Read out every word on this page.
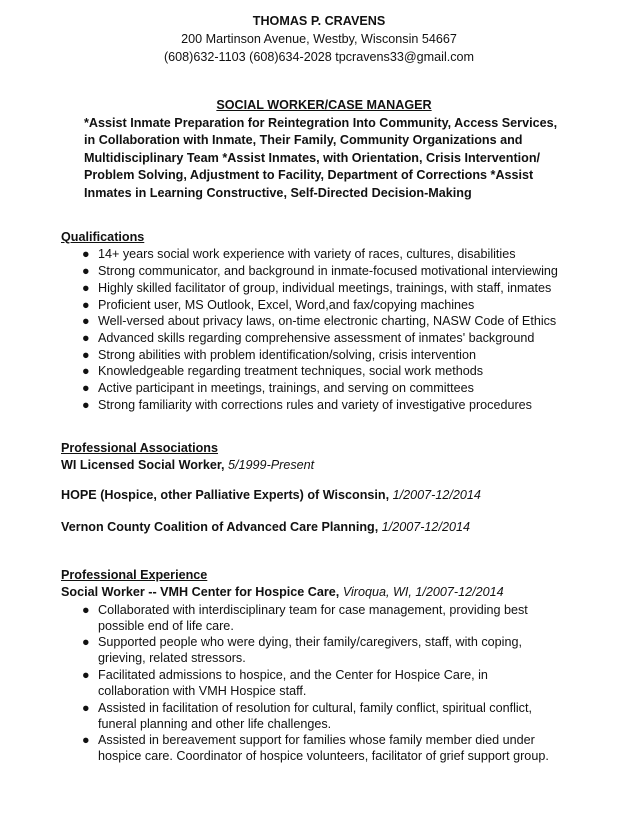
THOMAS P. CRAVENS
200 Martinson Avenue, Westby, Wisconsin 54667
(608)632-1103 (608)634-2028 tpcravens33@gmail.com
SOCIAL WORKER/CASE MANAGER
*Assist Inmate Preparation for Reintegration Into Community, Access Services, in Collaboration with Inmate, Their Family, Community Organizations and Multidisciplinary Team *Assist Inmates, with Orientation, Crisis Intervention/ Problem Solving, Adjustment to Facility, Department of Corrections *Assist Inmates in Learning Constructive, Self-Directed Decision-Making
Qualifications
● 14+ years social work experience with variety of races, cultures, disabilities
● Strong communicator, and background in inmate-focused motivational interviewing
● Highly skilled facilitator of group, individual meetings, trainings, with staff, inmates
● Proficient user, MS Outlook, Excel, Word,and fax/copying machines
● Well-versed about privacy laws, on-time electronic charting, NASW Code of Ethics
● Advanced skills regarding comprehensive assessment of inmates' background
● Strong abilities with problem identification/solving, crisis intervention
● Knowledgeable regarding treatment techniques, social work methods
● Active participant in meetings, trainings, and serving on committees
● Strong familiarity with corrections rules and variety of investigative procedures
Professional Associations
WI Licensed Social Worker, 5/1999-Present
HOPE (Hospice, other Palliative Experts) of Wisconsin, 1/2007-12/2014
Vernon County Coalition of Advanced Care Planning, 1/2007-12/2014
Professional Experience
Social Worker -- VMH Center for Hospice Care, Viroqua, WI, 1/2007-12/2014
● Collaborated with interdisciplinary team for case management, providing best possible end of life care.
● Supported people who were dying, their family/caregivers, staff, with coping, grieving, related stressors.
● Facilitated admissions to hospice, and the Center for Hospice Care, in collaboration with VMH Hospice staff.
● Assisted in facilitation of resolution for cultural, family conflict, spiritual conflict, funeral planning and other life challenges.
● Assisted in bereavement support for families whose family member died under hospice care. Coordinator of hospice volunteers, facilitator of grief support group.
